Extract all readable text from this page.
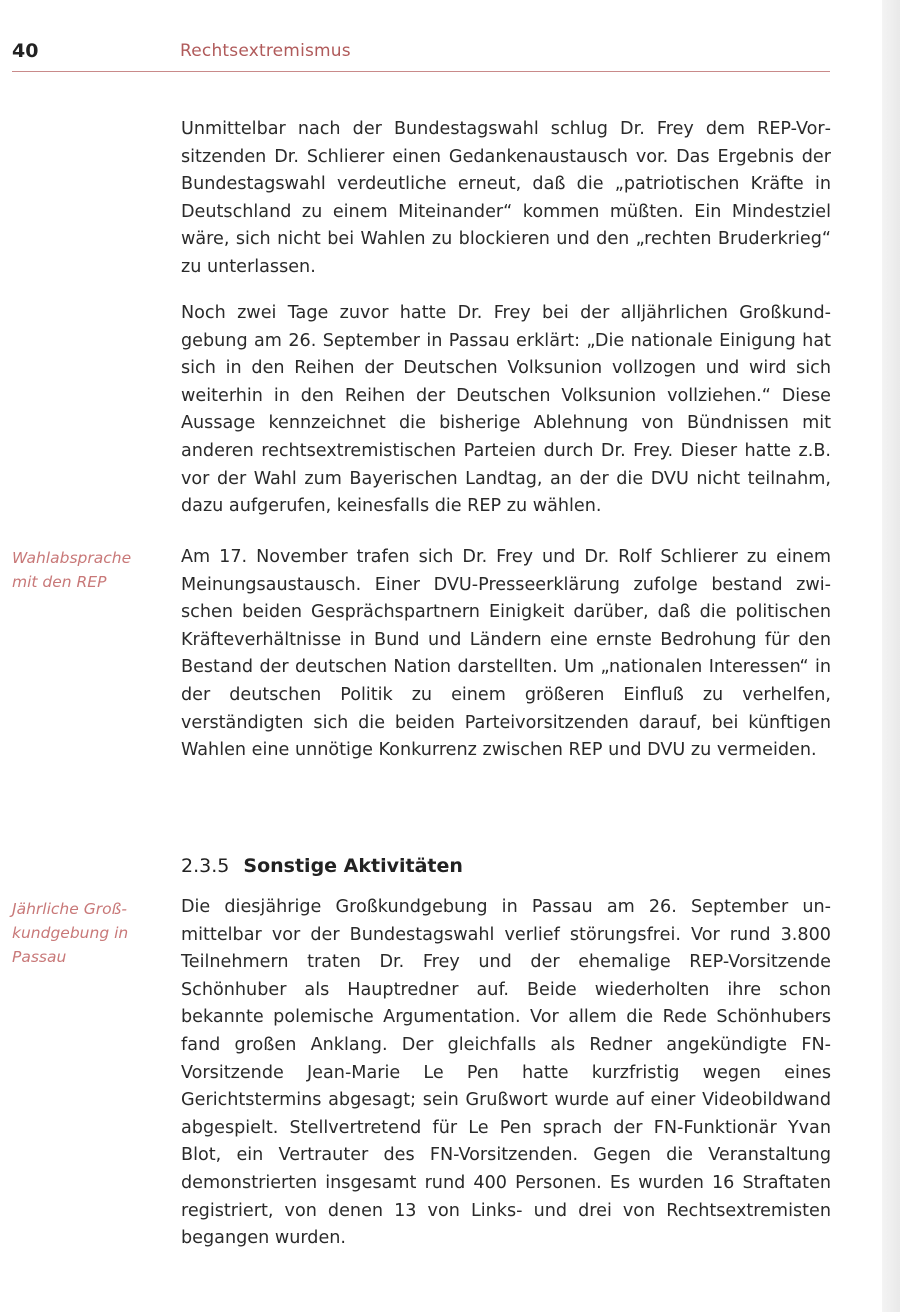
40	Rechtsextremismus
Wahlabsprache mit den REP
Jährliche Groß- kundgebung in Passau

Unmittelbar nach der Bundestagswahl schlug Dr. Frey dem REP-Vorsitzenden Dr. Schlierer einen Gedankenaustausch vor. Das Ergebnis der Bundestagswahl verdeutliche erneut, daß die „patriotischen Kräfte in Deutschland zu einem Miteinander“ kommen müßten. Ein Mindestziel wäre, sich nicht bei Wahlen zu blockieren und den „rechten Bruderkrieg“ zu unterlassen.

Noch zwei Tage zuvor hatte Dr. Frey bei der alljährlichen Großkundgebung am 26. September in Passau erklärt: „Die nationale Einigung hat sich in den Reihen der Deutschen Volksunion vollzogen und wird sich weiterhin in den Reihen der Deutschen Volksunion vollziehen.“ Diese Aussage kennzeichnet die bisherige Ablehnung von Bündnissen mit anderen rechtsextremistischen Parteien durch Dr. Frey. Dieser hatte z.B. vor der Wahl zum Bayerischen Landtag, an der die DVU nicht teilnahm, dazu aufgerufen, keinesfalls die REP zu wählen.

Am 17. November trafen sich Dr. Frey und Dr. Rolf Schlierer zu einem Meinungsaustausch. Einer DVU-Presseerklärung zufolge bestand zwischen beiden Gesprächspartnern Einigkeit darüber, daß die politischen Kräfteverhältnisse in Bund und Ländern eine ernste Bedrohung für den Bestand der deutschen Nation darstellten. Um „nationalen Interessen“ in der deutschen Politik zu einem größeren Einfluß zu verhelfen, verständigten sich die beiden Parteivorsitzenden darauf, bei künftigen Wahlen eine unnötige Konkurrenz zwischen REP und DVU zu vermeiden.

2.3.5 Sonstige Aktivitäten

Die diesjährige Großkundgebung in Passau am 26. September unmittelbar vor der Bundestagswahl verlief störungsfrei. Vor rund 3.800 Teilnehmern traten Dr. Frey und der ehemalige REP-Vorsitzende Schönhuber als Hauptredner auf. Beide wiederholten ihre schon bekannte polemische Argumentation. Vor allem die Rede Schönhubers fand großen Anklang. Der gleichfalls als Redner angekündigte FN-Vorsitzende Jean-Marie Le Pen hatte kurzfristig wegen eines Gerichtstermins abgesagt; sein Grußwort wurde auf einer Videobildwand abgespielt. Stellvertretend für Le Pen sprach der FN-Funktionär Yvan Blot, ein Vertrauter des FN-Vorsitzenden. Gegen die Veranstaltung demonstrierten insgesamt rund 400 Personen. Es wurden 16 Straftaten registriert, von denen 13 von Links- und drei von Rechtsextremisten begangen wurden.
